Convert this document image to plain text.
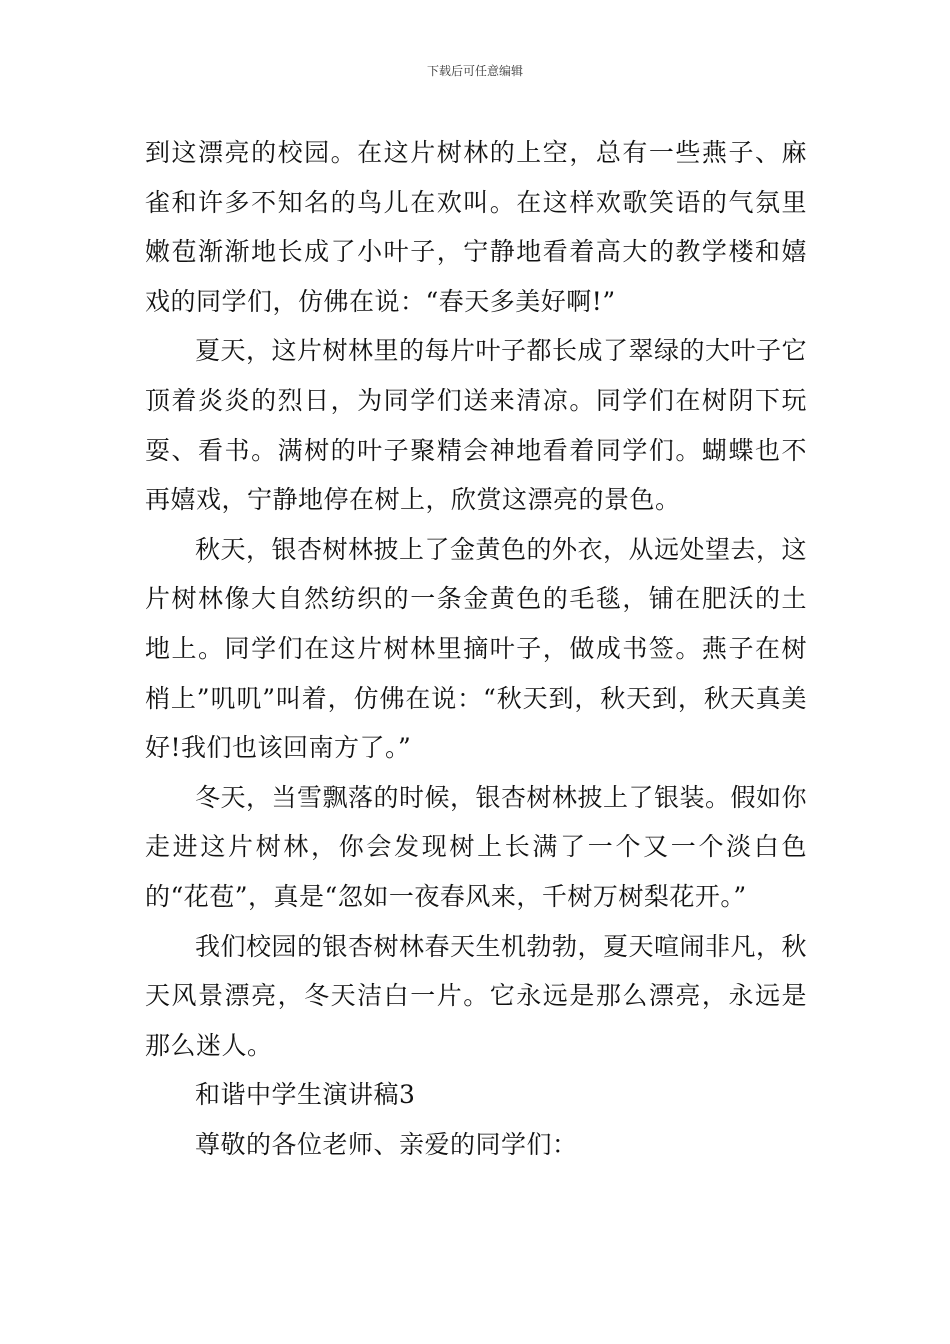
下载后可任意编辑

到这漂亮的校园。在这片树林的上空，总有一些燕子、麻雀和许多不知名的鸟儿在欢叫。在这样欢歌笑语的气氛里嫩苞渐渐地长成了小叶子，宁静地看着高大的教学楼和嬉戏的同学们，仿佛在说：“春天多美好啊!”

夏天，这片树林里的每片叶子都长成了翠绿的大叶子它顶着炎炎的烈日，为同学们送来清凉。同学们在树阴下玩耍、看书。满树的叶子聚精会神地看着同学们。蝴蝶也不再嬉戏，宁静地停在树上，欣赏这漂亮的景色。

秋天，银杏树林披上了金黄色的外衣，从远处望去，这片树林像大自然纺织的一条金黄色的毛毯，铺在肥沃的土地上。同学们在这片树林里摘叶子，做成书签。燕子在树梢上”叽叽”叫着，仿佛在说：“秋天到，秋天到，秋天真美好!我们也该回南方了。”

冬天，当雪飘落的时候，银杏树林披上了银装。假如你走进这片树林，你会发现树上长满了一个又一个淡白色的“花苞”，真是“忽如一夜春风来，千树万树梨花开。”

我们校园的银杏树林春天生机勃勃，夏天喧闹非凡，秋天风景漂亮，冬天洁白一片。它永远是那么漂亮，永远是那么迷人。

和谐中学生演讲稿3

尊敬的各位老师、亲爱的同学们：
